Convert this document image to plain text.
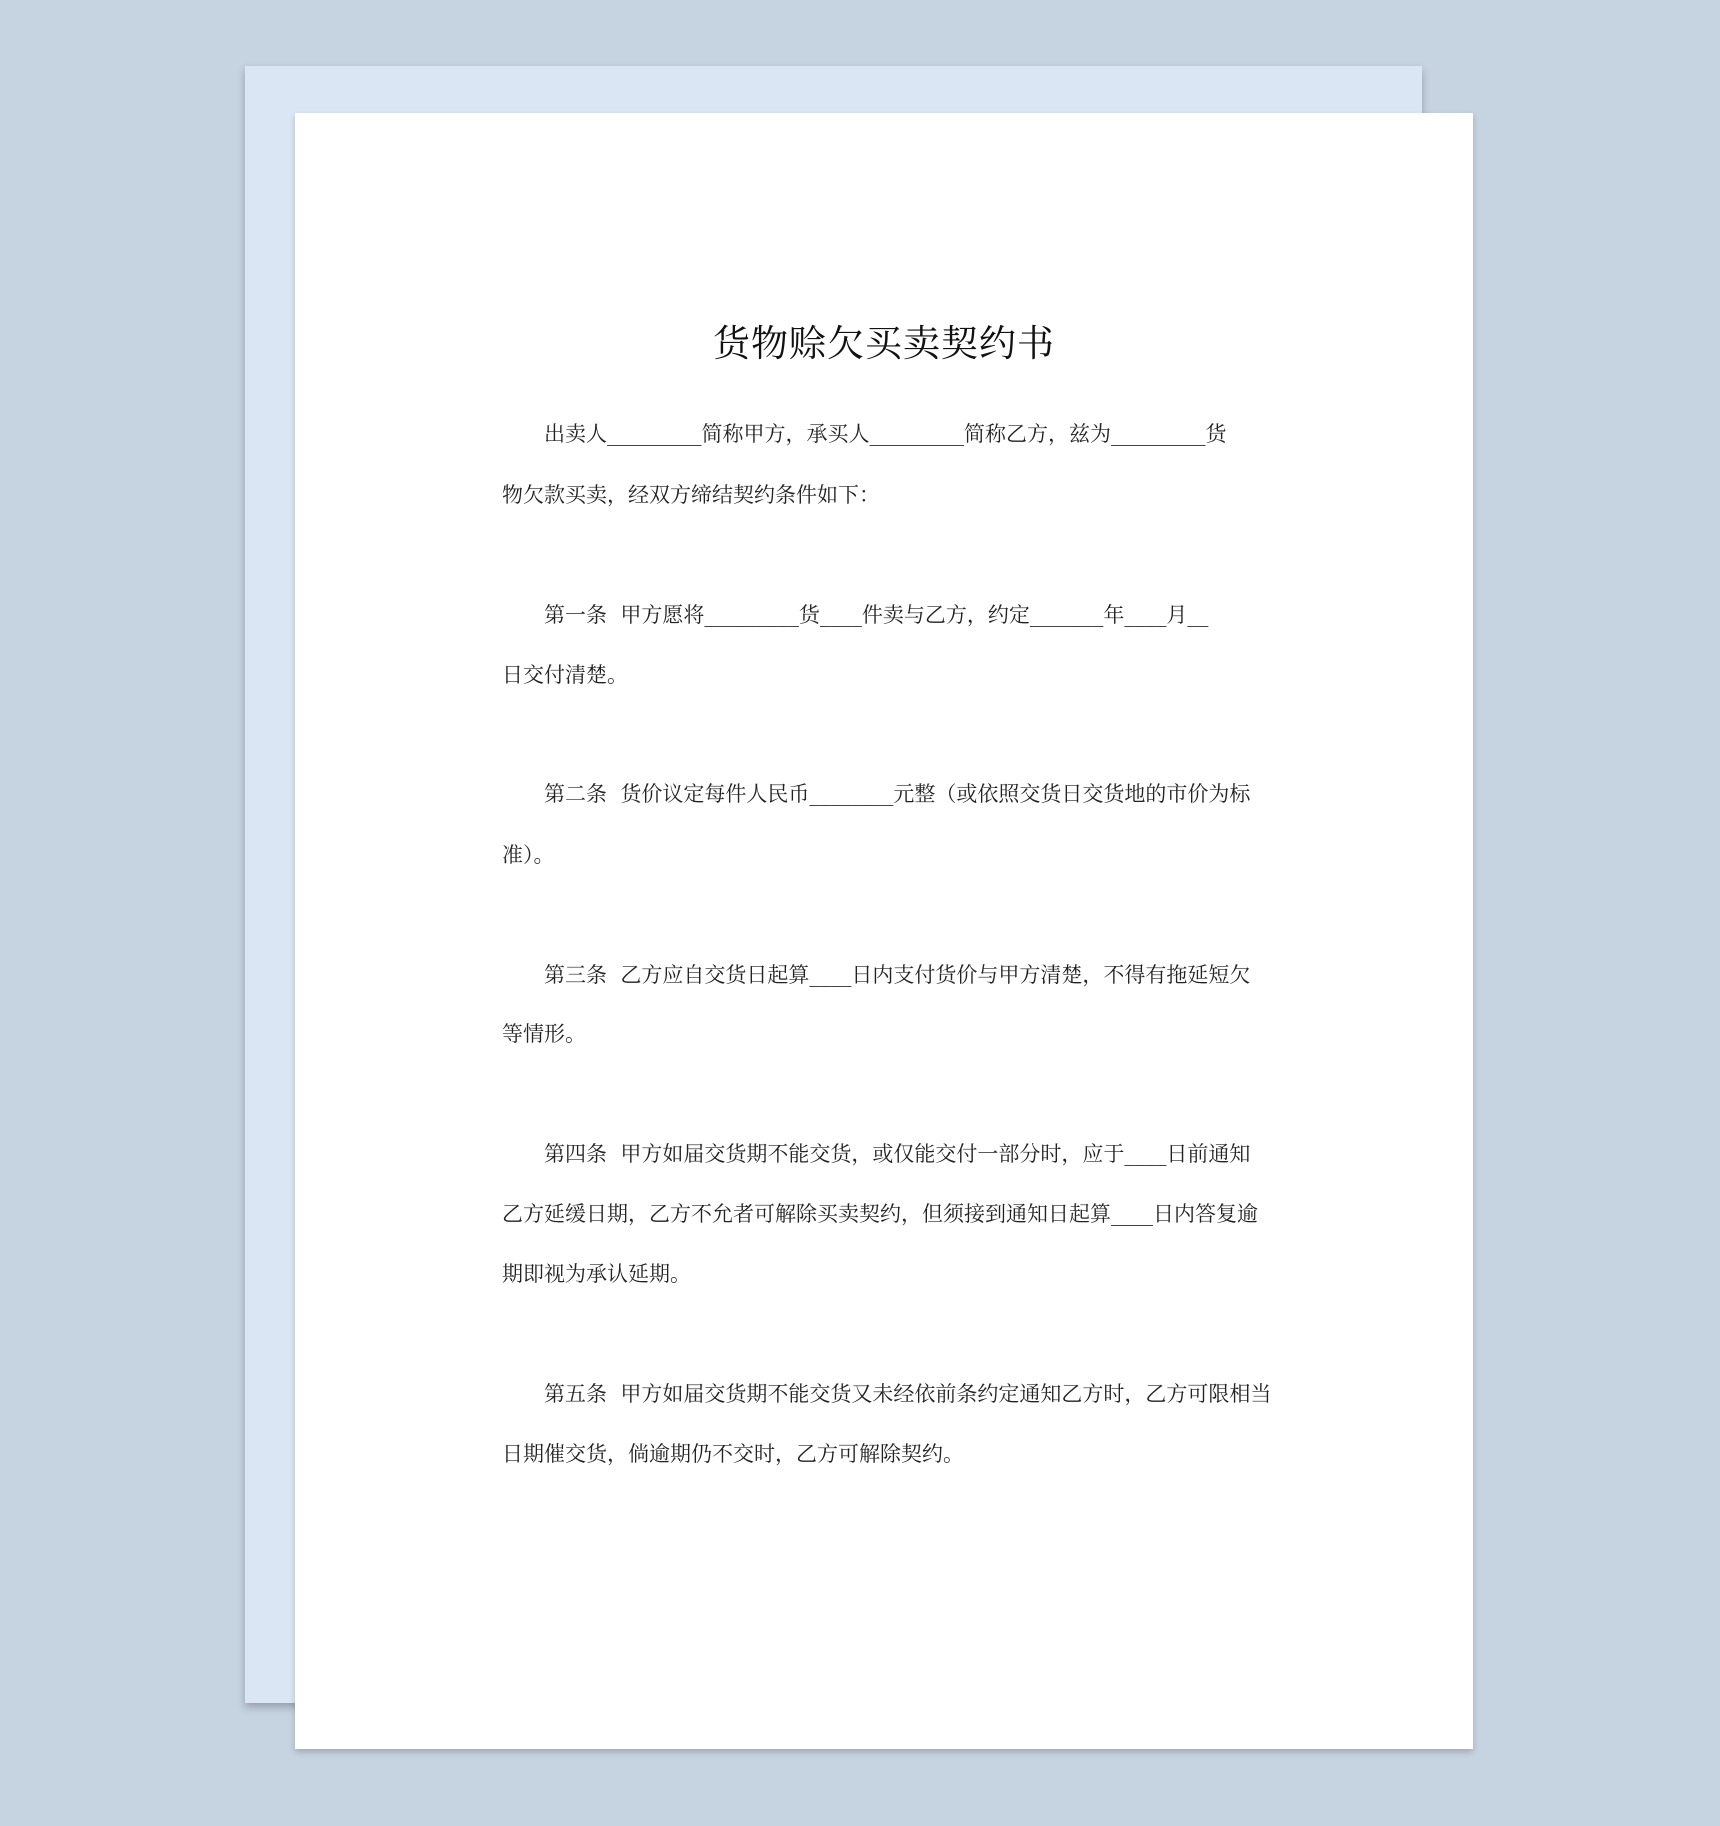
货物赊欠买卖契约书
出卖人_________简称甲方，承买人_________简称乙方，兹为_________货
物欠款买卖，经双方缔结契约条件如下：
第一条  甲方愿将_________货____件卖与乙方，约定_______年____月__
日交付清楚。
第二条  货价议定每件人民币________元整（或依照交货日交货地的市价为标
准）。
第三条  乙方应自交货日起算____日内支付货价与甲方清楚，不得有拖延短欠
等情形。
第四条  甲方如届交货期不能交货，或仅能交付一部分时，应于____日前通知
乙方延缓日期，乙方不允者可解除买卖契约，但须接到通知日起算____日内答复逾
期即视为承认延期。
第五条  甲方如届交货期不能交货又未经依前条约定通知乙方时，乙方可限相当
日期催交货，倘逾期仍不交时，乙方可解除契约。
